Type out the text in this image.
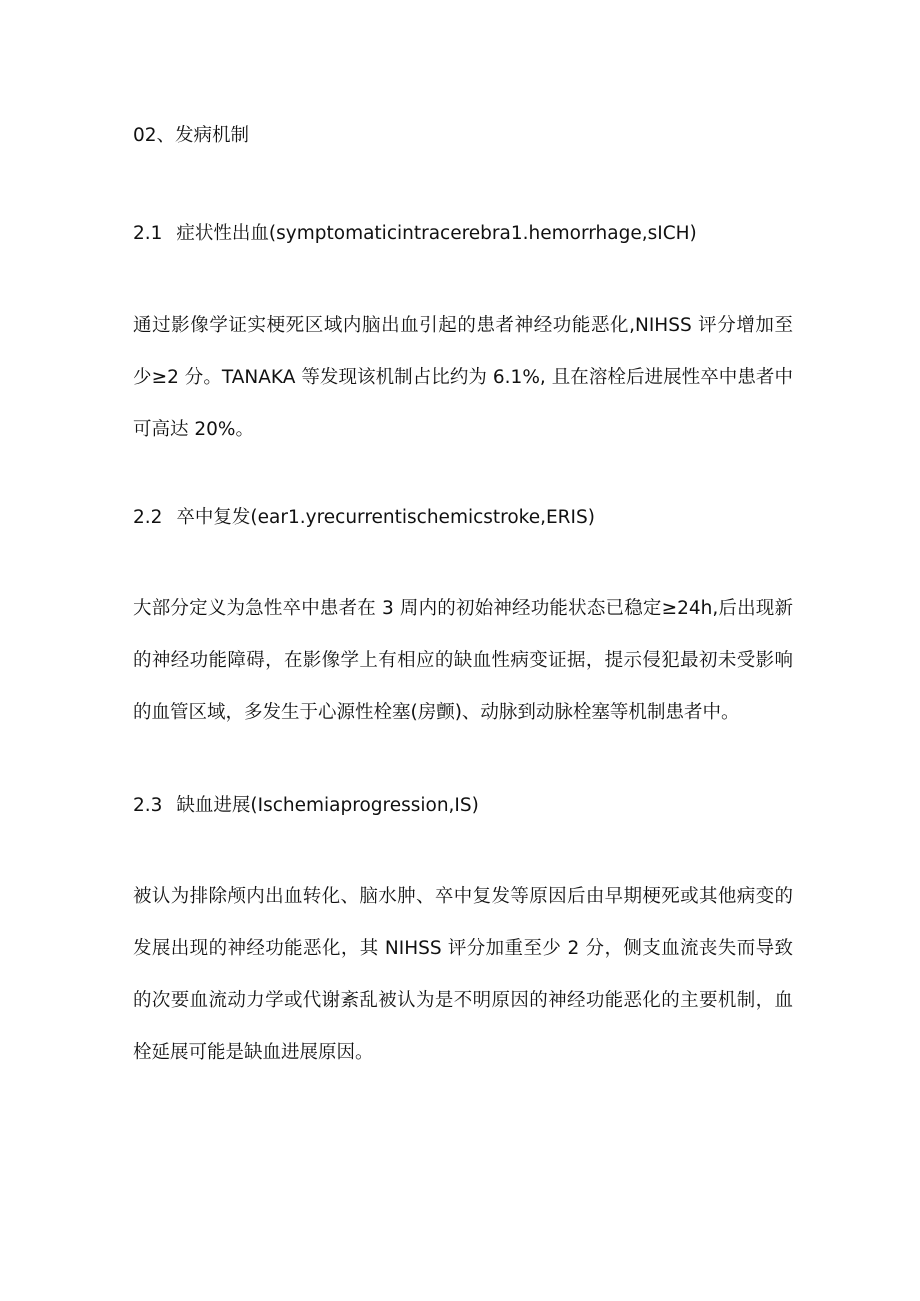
02、发病机制

2.1 症状性出血(symptomaticintracerebra1.hemorrhage,sICH)

通过影像学证实梗死区域内脑出血引起的患者神经功能恶化,NIHSS 评分增加至少≥2 分。TANAKA 等发现该机制占比约为 6.1%, 且在溶栓后进展性卒中患者中可高达 20%。

2.2 卒中复发(ear1.yrecurrentischemicstroke,ERIS)

大部分定义为急性卒中患者在 3 周内的初始神经功能状态已稳定≥24h,后出现新的神经功能障碍，在影像学上有相应的缺血性病变证据，提示侵犯最初未受影响的血管区域，多发生于心源性栓塞(房颤)、动脉到动脉栓塞等机制患者中。

2.3 缺血进展(Ischemiaprogression,IS)

被认为排除颅内出血转化、脑水肿、卒中复发等原因后由早期梗死或其他病变的发展出现的神经功能恶化，其 NIHSS 评分加重至少 2 分，侧支血流丧失而导致的次要血流动力学或代谢紊乱被认为是不明原因的神经功能恶化的主要机制，血栓延展可能是缺血进展原因。
